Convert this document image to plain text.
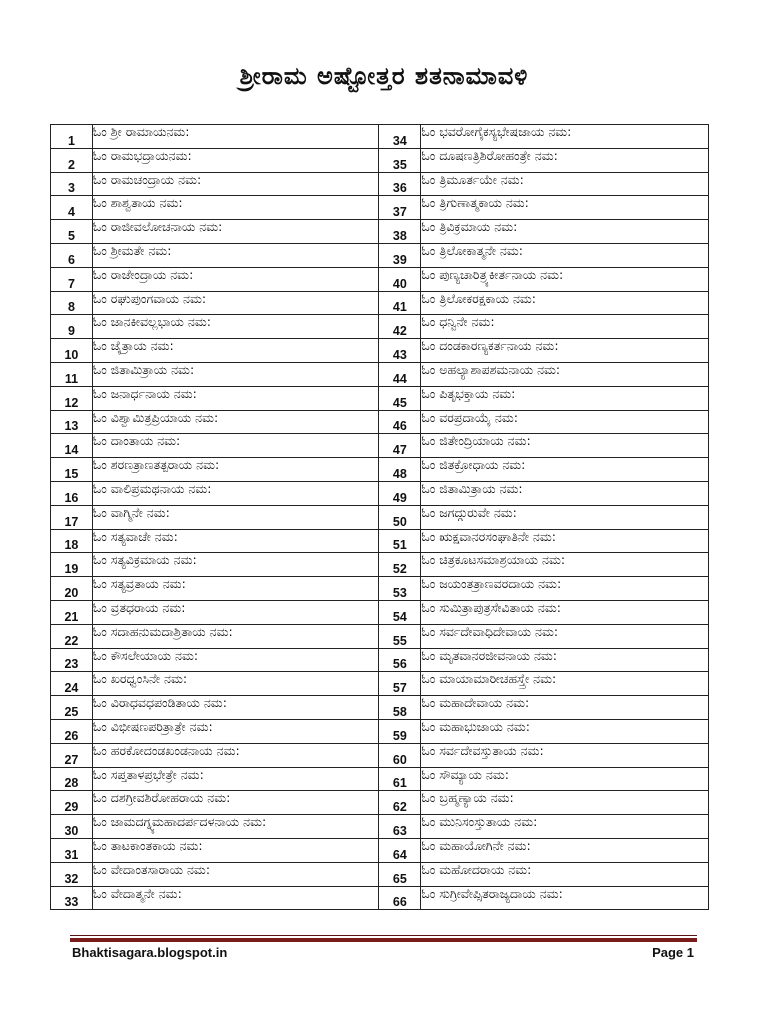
ಶ್ರೀರಾಮ ಅಷ್ಟೋತ್ತರ ಶತನಾಮಾವಳಿ
1	ಓಂ ಶ್ರೀ ರಾಮಾಯನಮ:	34	ಓಂ ಭವರೋಗೈಕಸ್ಯಭೇಷಜಾಯ ನಮ:
2	ಓಂ ರಾಮಭದ್ರಾಯನಮ:	35	ಓಂ ದೂಷಣತ್ರಿಶಿರೋಹಂತ್ರೇ ನಮ:
3	ಓಂ ರಾಮಚಂದ್ರಾಯ ನಮ:	36	ಓಂ ತ್ರಿಮೂರ್ತಯೇ ನಮ:
4	ಓಂ ಶಾಶ್ವತಾಯ ನಮ:	37	ಓಂ ತ್ರಿಗುಣಾತ್ಮಕಾಯ ನಮ:
5	ಓಂ ರಾಜೀವಲೋಚನಾಯ ನಮ:	38	ಓಂ ತ್ರಿವಿಕ್ರಮಾಯ ನಮ:
6	ಓಂ ಶ್ರೀಮತೇ ನಮ:	39	ಓಂ ತ್ರಿಲೋಕಾತ್ಮನೇ ನಮ:
7	ಓಂ ರಾಜೇಂದ್ರಾಯ ನಮ:	40	ಓಂ ಪುಣ್ಯಚಾರಿತ್ರ್ಯಕೀರ್ತನಾಯ ನಮ:
8	ಓಂ ರಘುಪುಂಗವಾಯ ನಮ:	41	ಓಂ ತ್ರಿಲೋಕರಕ್ಷಕಾಯ ನಮ:
9	ಓಂ ಜಾನಕೀವಲ್ಲಭಾಯ ನಮ:	42	ಓಂ ಧನ್ವಿನೇ ನಮ:
10	ಓಂ ಜೈತ್ರಾಯ ನಮ:	43	ಓಂ ದಂಡಕಾರಣ್ಯಕರ್ತನಾಯ ನಮ:
11	ಓಂ ಜಿತಾಮಿತ್ರಾಯ ನಮ:	44	ಓಂ ಅಹಲ್ಯಾಶಾಪಶಮನಾಯ ನಮ:
12	ಓಂ ಜನಾರ್ಧನಾಯ ನಮ:	45	ಓಂ ಪಿತೃಭಕ್ತಾಯ ನಮ:
13	ಓಂ ವಿಶ್ವಾಮಿತ್ರಪ್ರಿಯಾಯ ನಮ:	46	ಓಂ ವರಪ್ರದಾಯೈ ನಮ:
14	ಓಂ ದಾಂತಾಯ ನಮ:	47	ಓಂ ಜಿತೇಂದ್ರಿಯಾಯ ನಮ:
15	ಓಂ ಶರಣತ್ರಾಣತತ್ಪರಾಯ ನಮ:	48	ಓಂ ಜಿತಕ್ರೋಧಾಯ ನಮ:
16	ಓಂ ವಾಲಿಪ್ರಮಥನಾಯ ನಮ:	49	ಓಂ ಜಿತಾಮಿತ್ರಾಯ ನಮ:
17	ಓಂ ವಾಗ್ಮಿನೇ ನಮ:	50	ಓಂ ಜಗದ್ಗುರುವೇ ನಮ:
18	ಓಂ ಸತ್ಯವಾಚೇ ನಮ:	51	ಓಂ ಋಕ್ಷವಾನರಸಂಘಾತಿನೇ ನಮ:
19	ಓಂ ಸತ್ಯವಿಕ್ರಮಾಯ ನಮ:	52	ಓಂ ಚಿತ್ರಕೂಟಸಮಾಶ್ರಯಾಯ ನಮ:
20	ಓಂ ಸತ್ಯವ್ರತಾಯ ನಮ:	53	ಓಂ ಜಯಂತತ್ರಾಣವರದಾಯ ನಮ:
21	ಓಂ ವ್ರತಧರಾಯ ನಮ:	54	ಓಂ ಸುಮಿತ್ರಾಪುತ್ರಸೇವಿತಾಯ ನಮ:
22	ಓಂ ಸದಾಹನುಮದಾಶ್ರಿತಾಯ ನಮ:	55	ಓಂ ಸರ್ವದೇವಾಧಿದೇವಾಯ ನಮ:
23	ಓಂ ಕೌಸಲೇಯಾಯ ನಮ:	56	ಓಂ ಮೃತವಾನರಜೀವನಾಯ ನಮ:
24	ಓಂ ಖರಧ್ವಂಸಿನೇ ನಮ:	57	ಓಂ ಮಾಯಾಮಾರೀಚಹಸ್ತ್ರೇ ನಮ:
25	ಓಂ ವಿರಾಧವಧಪಂಡಿತಾಯ ನಮ:	58	ಓಂ ಮಹಾದೇವಾಯ ನಮ:
26	ಓಂ ವಿಭೀಷಣಪರಿತ್ರಾತ್ರೇ ನಮ:	59	ಓಂ ಮಹಾಭುಜಾಯ ನಮ:
27	ಓಂ ಹರಕೋದಂಡಖಂಡನಾಯ ನಮ:	60	ಓಂ ಸರ್ವದೇವಸ್ತುತಾಯ ನಮ:
28	ಓಂ ಸಪ್ತತಾಳಪ್ರಭೇತ್ರೇ ನಮ:	61	ಓಂ ಸೌಮ್ಯಾಯ ನಮ:
29	ಓಂ ದಶಗ್ರೀವಶಿರೋಹರಾಯ ನಮ:	62	ಓಂ ಬ್ರಹ್ಮಣ್ಯಾಯ ನಮ:
30	ಓಂ ಜಾಮದಗ್ನ್ಯಮಹಾದರ್ಪದಳನಾಯ ನಮ:	63	ಓಂ ಮುನಿಸಂಸ್ತುತಾಯ ನಮ:
31	ಓಂ ತಾಟಕಾಂತಕಾಯ ನಮ:	64	ಓಂ ಮಹಾಯೋಗಿನೇ ನಮ:
32	ಓಂ ವೇದಾಂತಸಾರಾಯ ನಮ:	65	ಓಂ ಮಹೋದರಾಯ ನಮ:
33	ಓಂ ವೇದಾತ್ಮನೇ ನಮ:	66	ಓಂ ಸುಗ್ರೀವೇಪ್ಸಿತರಾಜ್ಯದಾಯ ನಮ:
Bhaktisagara.blogspot.in	Page 1
